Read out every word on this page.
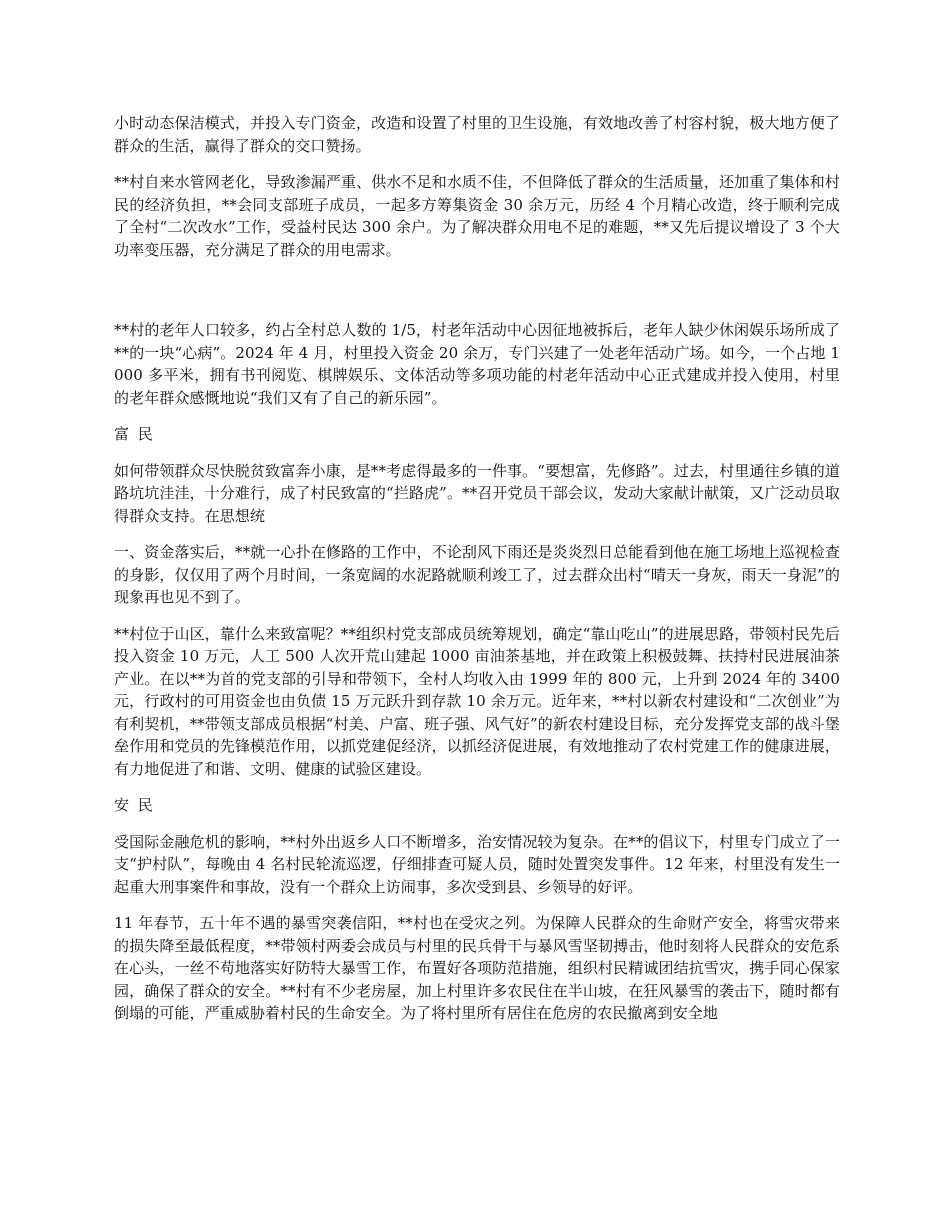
小时动态保洁模式，并投入专门资金，改造和设置了村里的卫生设施，有效地改善了村容村貌，极大地方便了群众的生活，赢得了群众的交口赞扬。

**村自来水管网老化，导致渗漏严重、供水不足和水质不佳，不但降低了群众的生活质量，还加重了集体和村民的经济负担，**会同支部班子成员，一起多方筹集资金 30 余万元，历经 4 个月精心改造，终于顺利完成了全村“二次改水”工作，受益村民达 300 余户。为了解决群众用电不足的难题，**又先后提议增设了 3 个大功率变压器，充分满足了群众的用电需求。

**村的老年人口较多，约占全村总人数的 1/5，村老年活动中心因征地被拆后，老年人缺少休闲娱乐场所成了**的一块“心病”。2024 年 4 月，村里投入资金 20 余万，专门兴建了一处老年活动广场。如今，一个占地 1000 多平米，拥有书刊阅览、棋牌娱乐、文体活动等多项功能的村老年活动中心正式建成并投入使用，村里的老年群众感慨地说“我们又有了自己的新乐园”。

富 民

如何带领群众尽快脱贫致富奔小康，是**考虑得最多的一件事。“要想富，先修路”。过去，村里通往乡镇的道路坑坑洼洼，十分难行，成了村民致富的“拦路虎”。**召开党员干部会议，发动大家献计献策，又广泛动员取得群众支持。在思想统

一、资金落实后，**就一心扑在修路的工作中，不论刮风下雨还是炎炎烈日总能看到他在施工场地上巡视检查的身影，仅仅用了两个月时间，一条宽阔的水泥路就顺利竣工了，过去群众出村“晴天一身灰，雨天一身泥”的现象再也见不到了。

**村位于山区，靠什么来致富呢？**组织村党支部成员统筹规划，确定“靠山吃山”的进展思路，带领村民先后投入资金 10 万元，人工 500 人次开荒山建起 1000 亩油茶基地，并在政策上积极鼓舞、扶持村民进展油茶产业。在以**为首的党支部的引导和带领下，全村人均收入由 1999 年的 800 元，上升到 2024 年的 3400 元，行政村的可用资金也由负债 15 万元跃升到存款 10 余万元。近年来，**村以新农村建设和“二次创业”为有利契机，**带领支部成员根据“村美、户富、班子强、风气好”的新农村建设目标，充分发挥党支部的战斗堡垒作用和党员的先锋模范作用，以抓党建促经济，以抓经济促进展，有效地推动了农村党建工作的健康进展，有力地促进了和谐、文明、健康的试验区建设。

安 民

受国际金融危机的影响，**村外出返乡人口不断增多，治安情况较为复杂。在**的倡议下，村里专门成立了一支“护村队”，每晚由 4 名村民轮流巡逻，仔细排查可疑人员，随时处置突发事件。12 年来，村里没有发生一起重大刑事案件和事故，没有一个群众上访闹事，多次受到县、乡领导的好评。

11 年春节，五十年不遇的暴雪突袭信阳，**村也在受灾之列。为保障人民群众的生命财产安全，将雪灾带来的损失降至最低程度，**带领村两委会成员与村里的民兵骨干与暴风雪坚韧搏击，他时刻将人民群众的安危系在心头，一丝不苟地落实好防特大暴雪工作，布置好各项防范措施，组织村民精诚团结抗雪灾，携手同心保家园，确保了群众的安全。**村有不少老房屋，加上村里许多农民住在半山坡，在狂风暴雪的袭击下，随时都有倒塌的可能，严重威胁着村民的生命安全。为了将村里所有居住在危房的农民撤离到安全地
